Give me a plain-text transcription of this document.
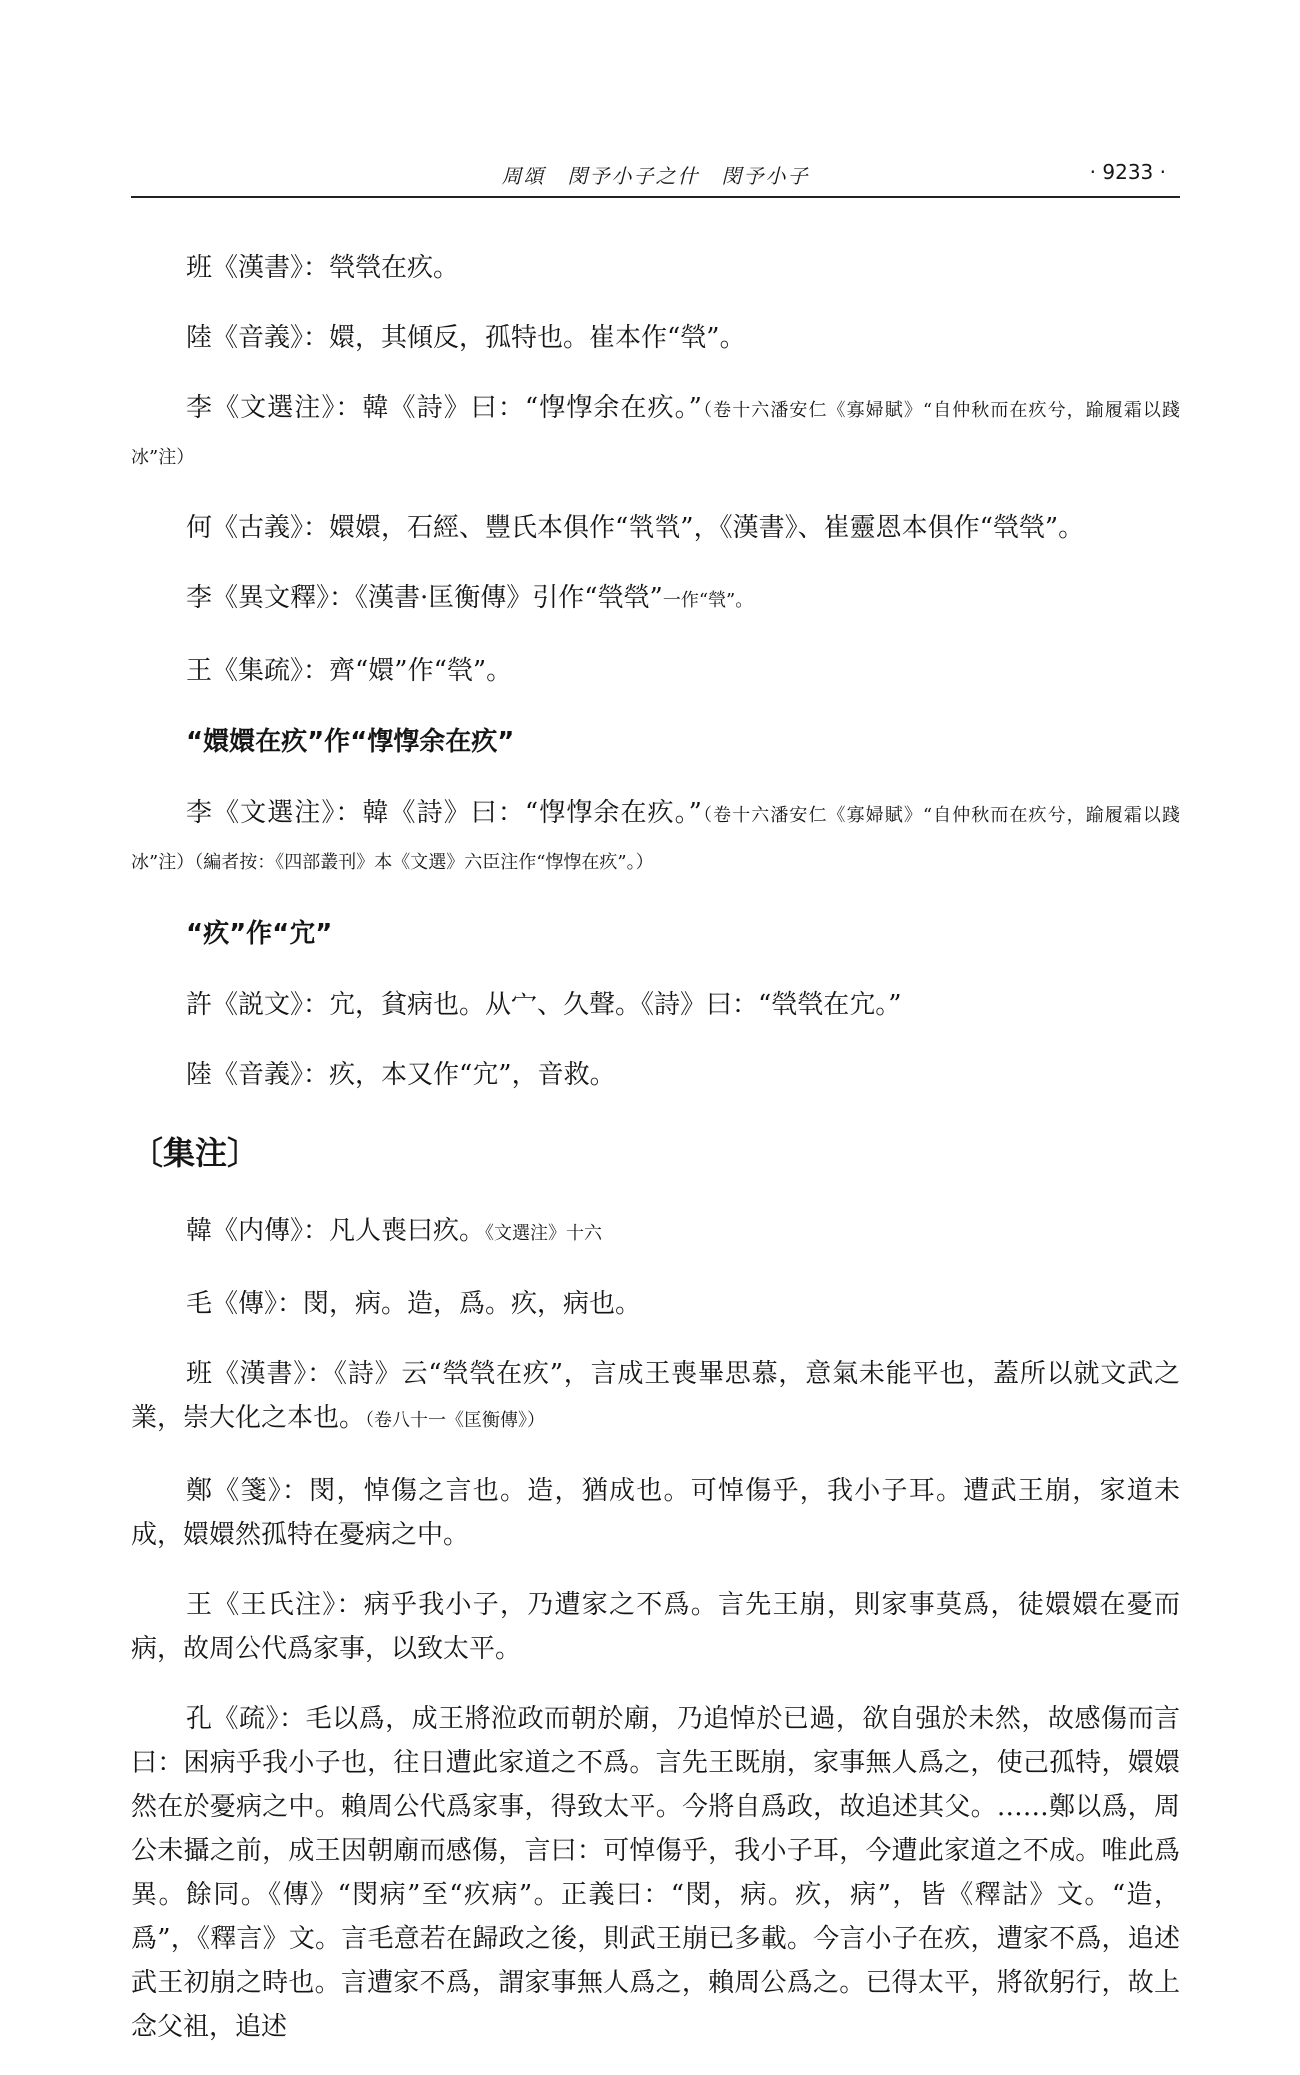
周頌　閔予小子之什　閔予小子	· 9233 ·

班《漢書》：煢煢在疚。

陸《音義》：嬛，其傾反，孤特也。崔本作“煢”。

李《文選注》：韓《詩》曰：“惸惸余在疚。”（卷十六潘安仁《寡婦賦》“自仲秋而在疚兮，踰履霜以踐冰”注）

何《古義》：嬛嬛，石經、豐氏本俱作“㷀㷀”，《漢書》、崔靈恩本俱作“煢煢”。

李《異文釋》：《漢書·匡衡傳》引作“煢煢”一作“煢”。

王《集疏》：齊“嬛”作“煢”。

“嬛嬛在疚”作“惸惸余在疚”

李《文選注》：韓《詩》曰：“惸惸余在疚。”（卷十六潘安仁《寡婦賦》“自仲秋而在疚兮，踰履霜以踐冰”注）（編者按：《四部叢刊》本《文選》六臣注作“惸惸在疚”。）

“疚”作“宂”

許《説文》：宂，貧病也。从宀、久聲。《詩》曰：“煢煢在宂。”

陸《音義》：疚，本又作“宂”，音救。

〔集注〕

韓《内傳》：凡人喪曰疚。《文選注》十六

毛《傳》：閔，病。造，爲。疚，病也。

班《漢書》：《詩》云“煢煢在疚”，言成王喪畢思慕，意氣未能平也，蓋所以就文武之業，崇大化之本也。（卷八十一《匡衡傳》）

鄭《箋》：閔，悼傷之言也。造，猶成也。可悼傷乎，我小子耳。遭武王崩，家道未成，嬛嬛然孤特在憂病之中。

王《王氏注》：病乎我小子，乃遭家之不爲。言先王崩，則家事莫爲，徒嬛嬛在憂而病，故周公代爲家事，以致太平。

孔《疏》：毛以爲，成王將涖政而朝於廟，乃追悼於已過，欲自强於未然，故感傷而言曰：困病乎我小子也，往日遭此家道之不爲。言先王既崩，家事無人爲之，使己孤特，嬛嬛然在於憂病之中。賴周公代爲家事，得致太平。今將自爲政，故追述其父。……鄭以爲，周公未攝之前，成王因朝廟而感傷，言曰：可悼傷乎，我小子耳，今遭此家道之不成。唯此爲異。餘同。《傳》“閔病”至“疚病”。正義曰：“閔，病。疚，病”，皆《釋詁》文。“造，爲”，《釋言》文。言毛意若在歸政之後，則武王崩已多載。今言小子在疚，遭家不爲，追述武王初崩之時也。言遭家不爲，謂家事無人爲之，賴周公爲之。已得太平，將欲躬行，故上念父祖，追述
